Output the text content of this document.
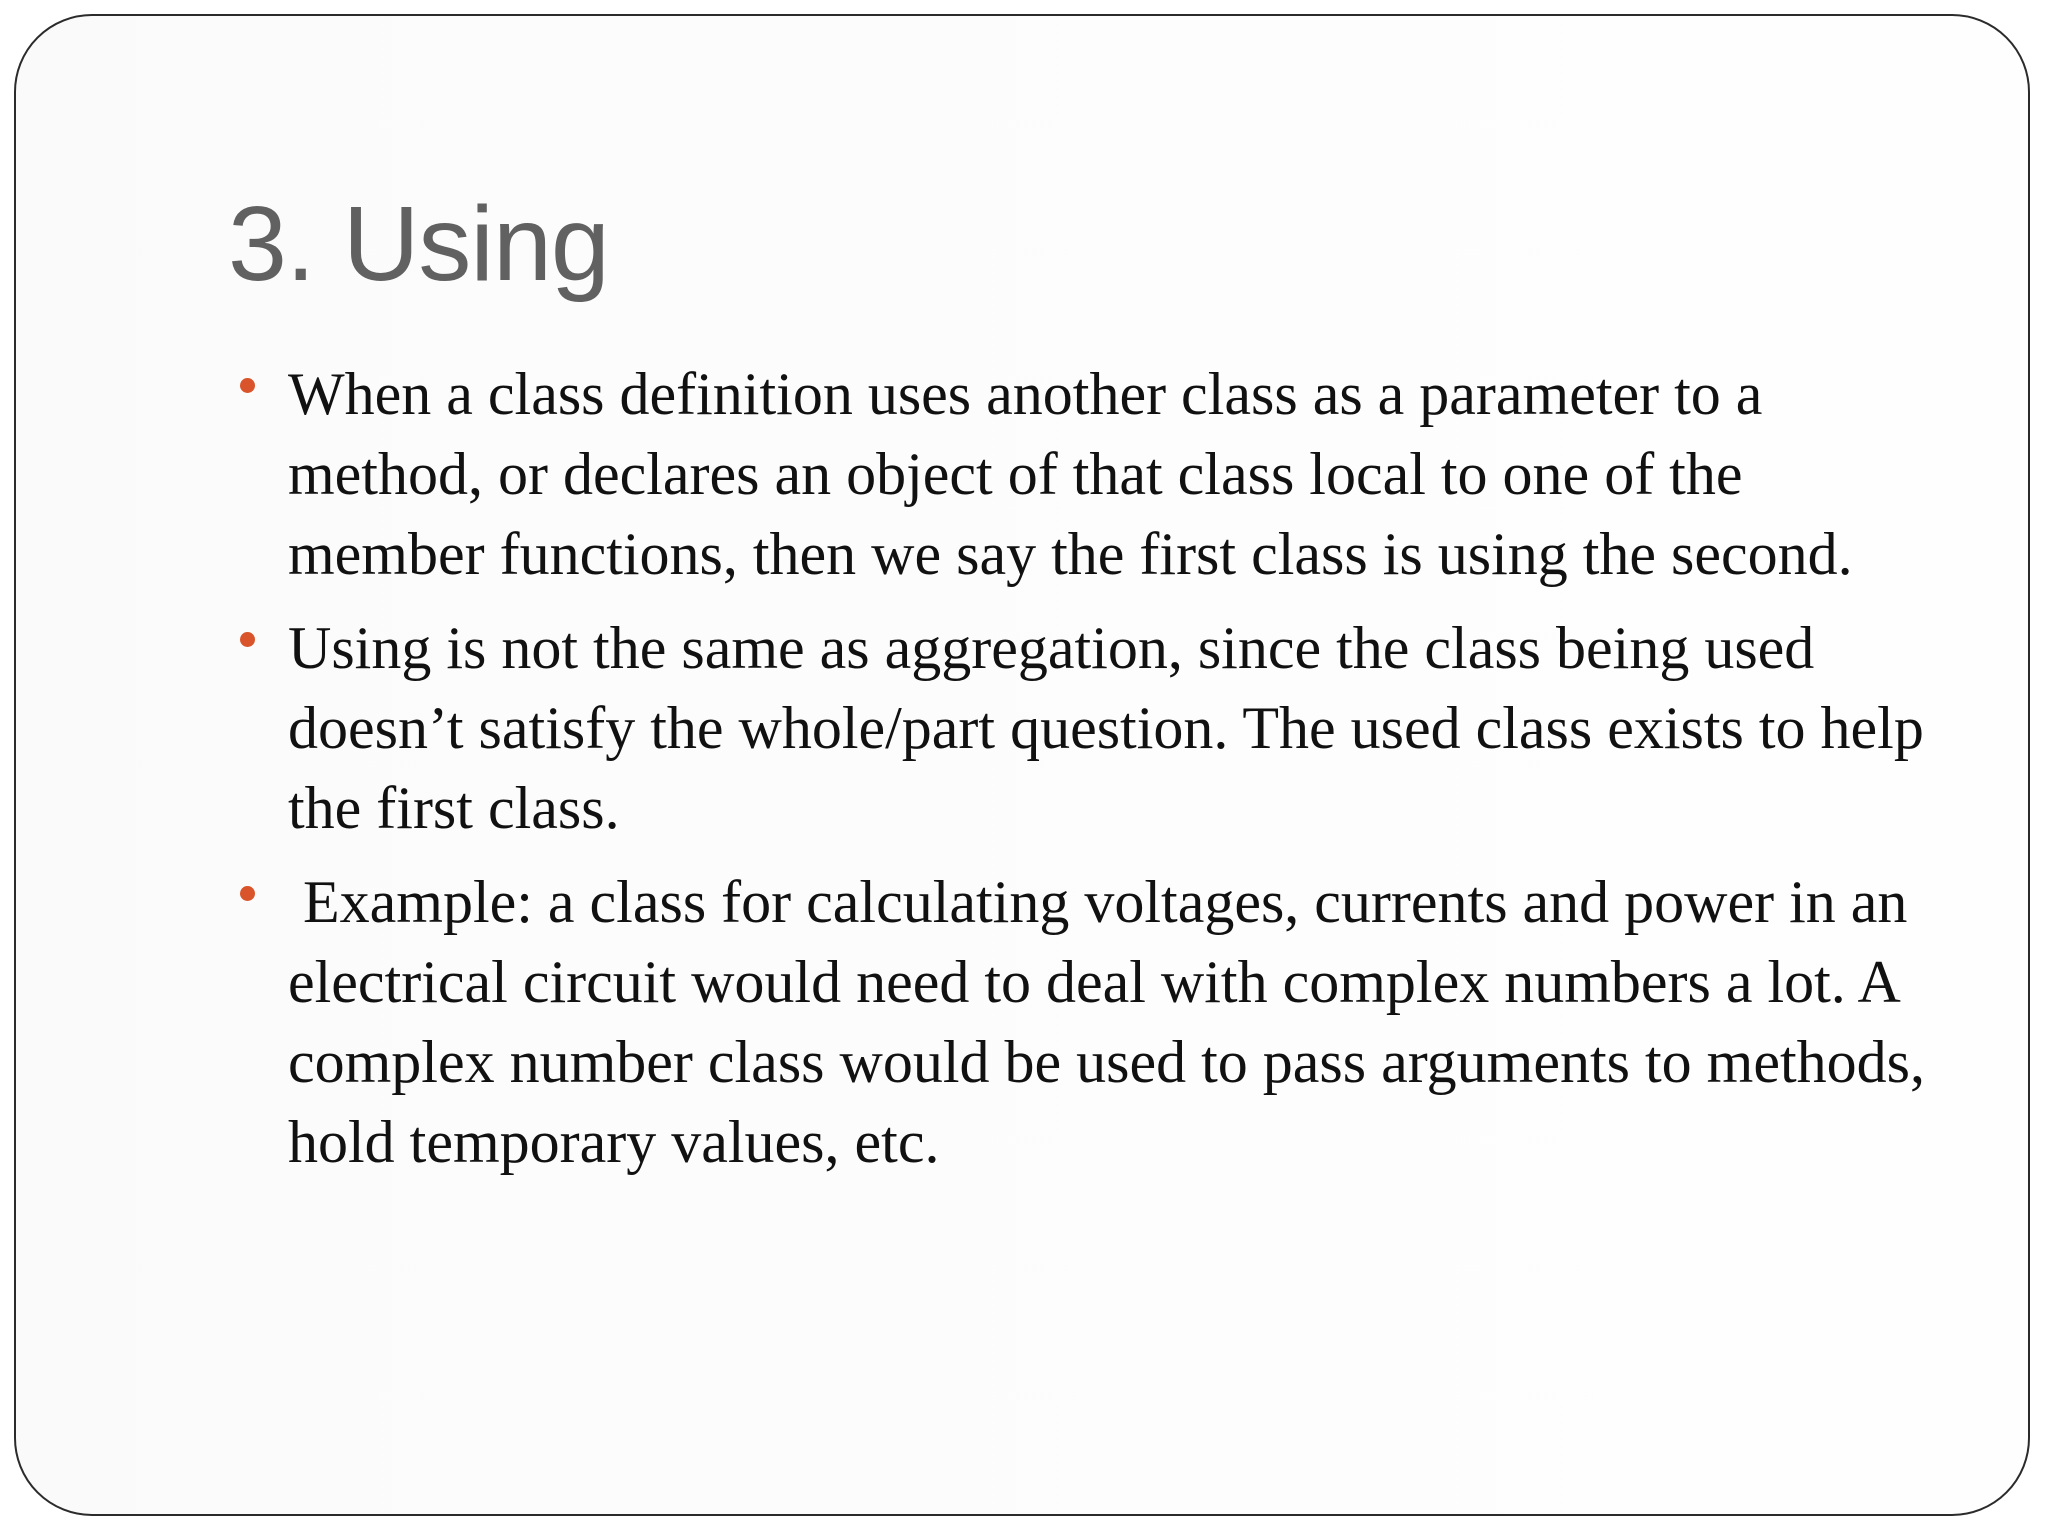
3. Using
When a class definition uses another class as a parameter to a method, or declares an object of that class local to one of the member functions, then we say the first class is using the second.
Using is not the same as aggregation, since the class being used doesn’t satisfy the whole/part question. The used class exists to help the first class.
Example: a class for calculating voltages, currents and power in an electrical circuit would need to deal with complex numbers a lot. A complex number class would be used to pass arguments to methods, hold temporary values, etc.
